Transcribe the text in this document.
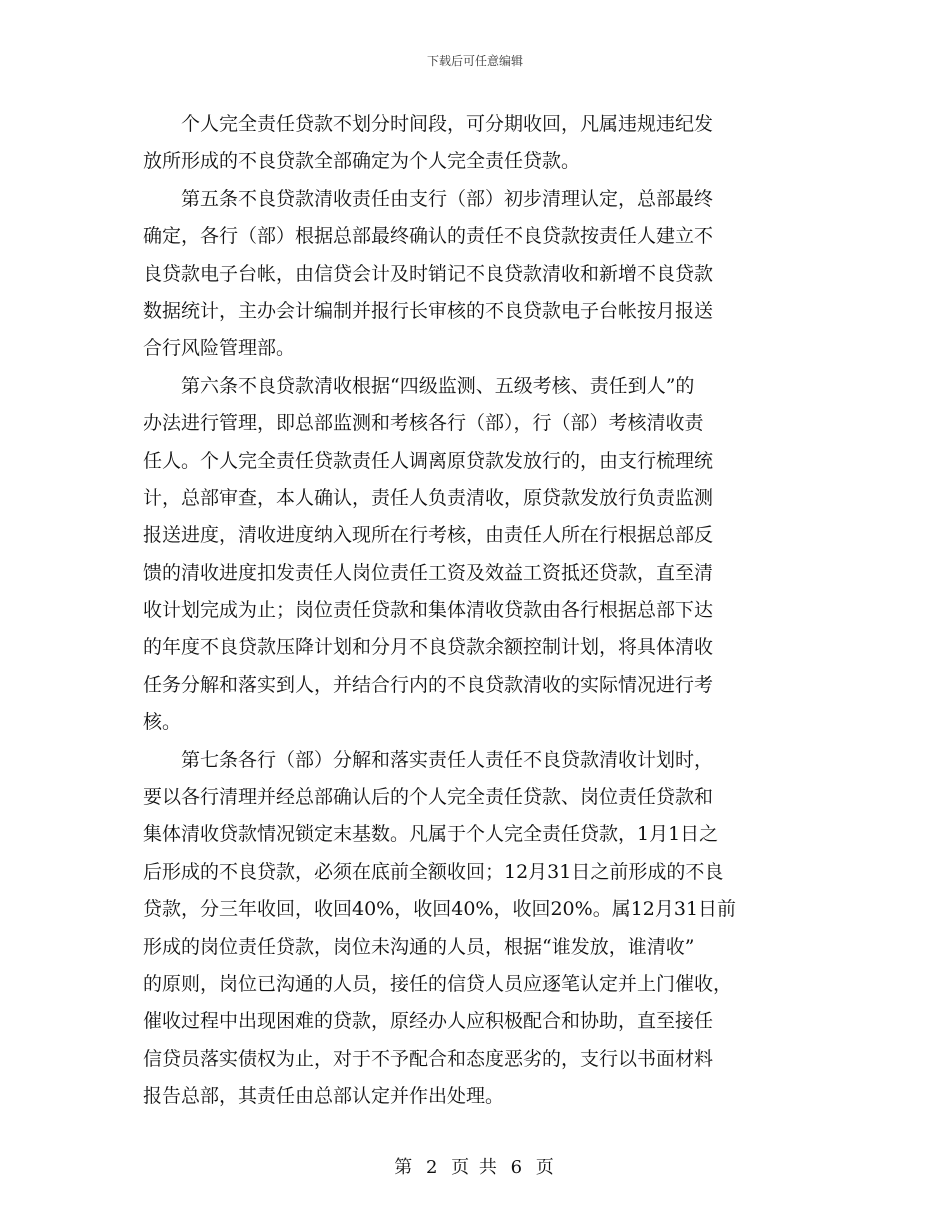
下载后可任意编辑
　　个人完全责任贷款不划分时间段，可分期收回，凡属违规违纪发
放所形成的不良贷款全部确定为个人完全责任贷款。
　　第五条不良贷款清收责任由支行（部）初步清理认定，总部最终
确定，各行（部）根据总部最终确认的责任不良贷款按责任人建立不
良贷款电子台帐，由信贷会计及时销记不良贷款清收和新增不良贷款
数据统计，主办会计编制并报行长审核的不良贷款电子台帐按月报送
合行风险管理部。
　　第六条不良贷款清收根据“四级监测、五级考核、责任到人”的
办法进行管理，即总部监测和考核各行（部），行（部）考核清收责
任人。个人完全责任贷款责任人调离原贷款发放行的，由支行梳理统
计，总部审查，本人确认，责任人负责清收，原贷款发放行负责监测
报送进度，清收进度纳入现所在行考核，由责任人所在行根据总部反
馈的清收进度扣发责任人岗位责任工资及效益工资抵还贷款，直至清
收计划完成为止；岗位责任贷款和集体清收贷款由各行根据总部下达
的年度不良贷款压降计划和分月不良贷款余额控制计划，将具体清收
任务分解和落实到人，并结合行内的不良贷款清收的实际情况进行考
核。
　　第七条各行（部）分解和落实责任人责任不良贷款清收计划时，
要以各行清理并经总部确认后的个人完全责任贷款、岗位责任贷款和
集体清收贷款情况锁定末基数。凡属于个人完全责任贷款，1月1日之
后形成的不良贷款，必须在底前全额收回；12月31日之前形成的不良
贷款，分三年收回，收回40%，收回40%，收回20%。属12月31日前
形成的岗位责任贷款，岗位未沟通的人员，根据“谁发放，谁清收”
的原则，岗位已沟通的人员，接任的信贷人员应逐笔认定并上门催收，
催收过程中出现困难的贷款，原经办人应积极配合和协助，直至接任
信贷员落实债权为止，对于不予配合和态度恶劣的，支行以书面材料
报告总部，其责任由总部认定并作出处理。
第 2 页 共 6 页
